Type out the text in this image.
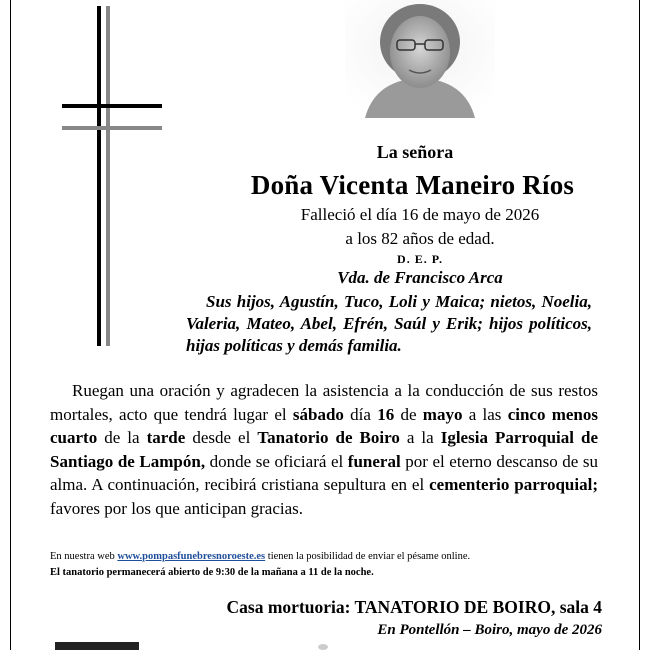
La señora
Doña Vicenta Maneiro Ríos
Falleció el día 16 de mayo de 2026
a los 82 años de edad.
D. E. P.
Vda. de Francisco Arca

Sus hijos, Agustín, Tuco, Loli y Maica; nietos, Noelia, Valeria, Mateo, Abel, Efrén, Saúl y Erik; hijos políticos, hijas políticas y demás familia.

Ruegan una oración y agradecen la asistencia a la conducción de sus restos mortales, acto que tendrá lugar el sábado día 16 de mayo a las cinco menos cuarto de la tarde desde el Tanatorio de Boiro a la Iglesia Parroquial de Santiago de Lampón, donde se oficiará el funeral por el eterno descanso de su alma. A continuación, recibirá cristiana sepultura en el cementerio parroquial; favores por los que anticipan gracias.

En nuestra web www.pompasfunebresnoroeste.es tienen la posibilidad de enviar el pésame online.
El tanatorio permanecerá abierto de 9:30 de la mañana a 11 de la noche.
Casa mortuoria: TANATORIO DE BOIRO, sala 4
En Pontellón – Boiro, mayo de 2026
